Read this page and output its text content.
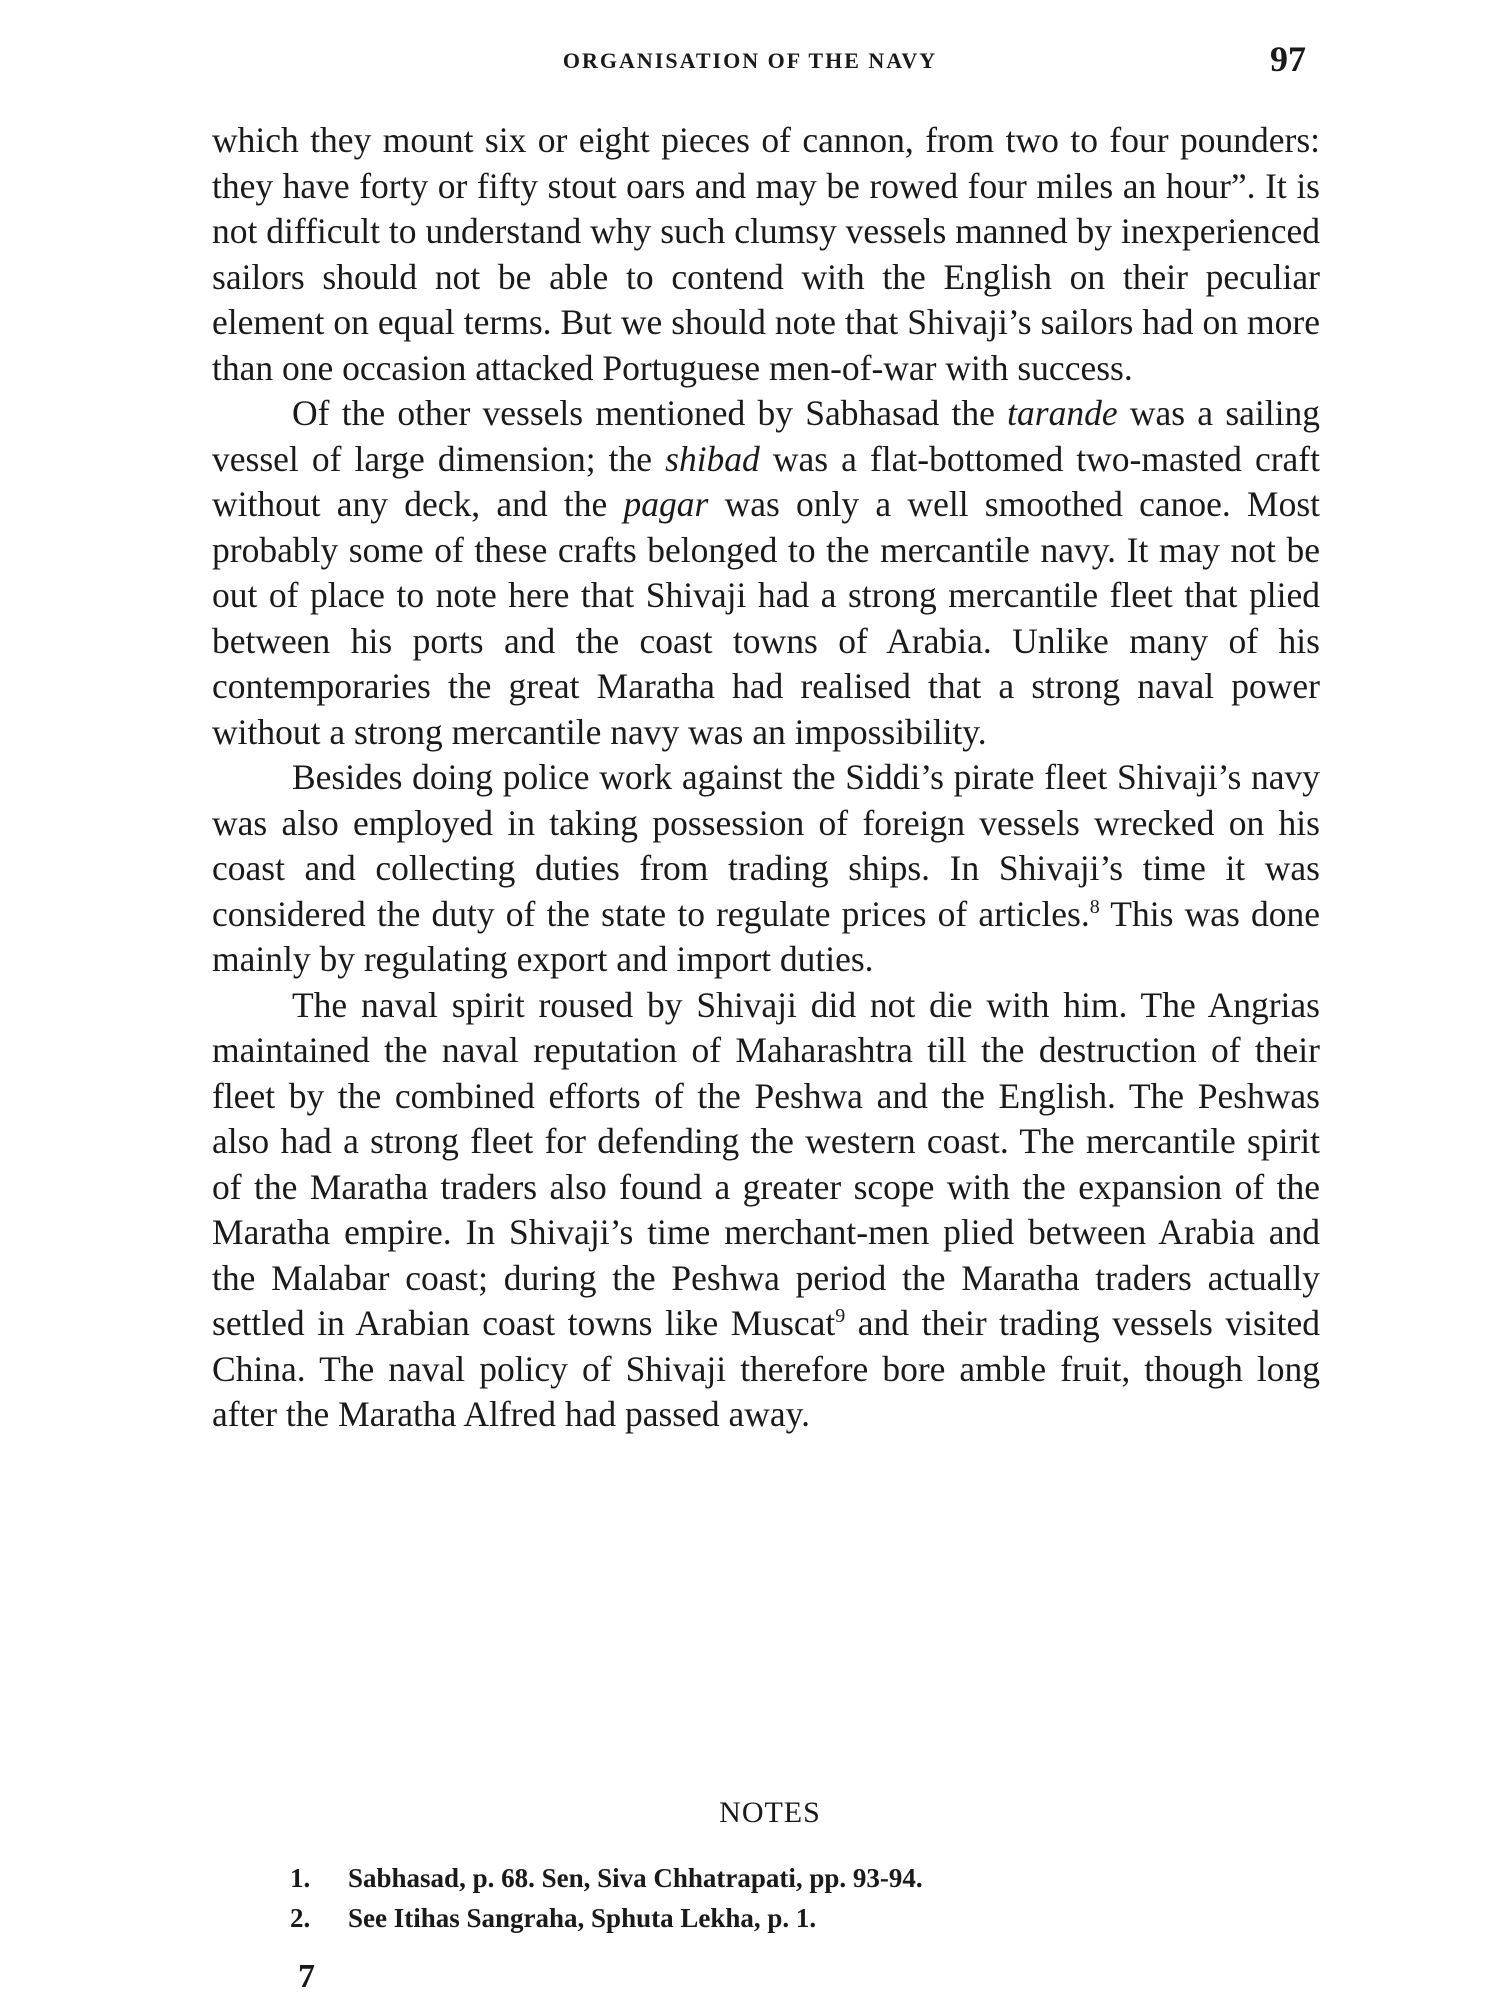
ORGANISATION OF THE NAVY	97

which they mount six or eight pieces of cannon, from two to four pounders: they have forty or fifty stout oars and may be rowed four miles an hour”. It is not difficult to understand why such clumsy vessels manned by inexperienced sailors should not be able to contend with the English on their peculiar element on equal terms. But we should note that Shivaji’s sailors had on more than one occasion attacked Portuguese men-of-war with success.

Of the other vessels mentioned by Sabhasad the tarande was a sailing vessel of large dimension; the shibad was a flat-bottomed two-masted craft without any deck, and the pagar was only a well smoothed canoe. Most probably some of these crafts belonged to the mercantile navy. It may not be out of place to note here that Shivaji had a strong mercantile fleet that plied between his ports and the coast towns of Arabia. Unlike many of his contemporaries the great Maratha had realised that a strong naval power without a strong mercantile navy was an impossibility.

Besides doing police work against the Siddi’s pirate fleet Shivaji’s navy was also employed in taking possession of foreign vessels wrecked on his coast and collecting duties from trading ships. In Shivaji’s time it was considered the duty of the state to regulate prices of articles.$^8$ This was done mainly by regulating export and import duties.

The naval spirit roused by Shivaji did not die with him. The Angrias maintained the naval reputation of Maharashtra till the destruction of their fleet by the combined efforts of the Peshwa and the English. The Peshwas also had a strong fleet for defending the western coast. The mercantile spirit of the Maratha traders also found a greater scope with the expansion of the Maratha empire. In Shivaji’s time merchant-men plied between Arabia and the Malabar coast; during the Peshwa period the Maratha traders actually settled in Arabian coast towns like Muscat$^9$ and their trading vessels visited China. The naval policy of Shivaji therefore bore amble fruit, though long after the Maratha Alfred had passed away.

NOTES
1.	Sabhasad, p. 68. Sen, Siva Chhatrapati, pp. 93-94.
2.	See Itihas Sangraha, Sphuta Lekha, p. 1.
7
